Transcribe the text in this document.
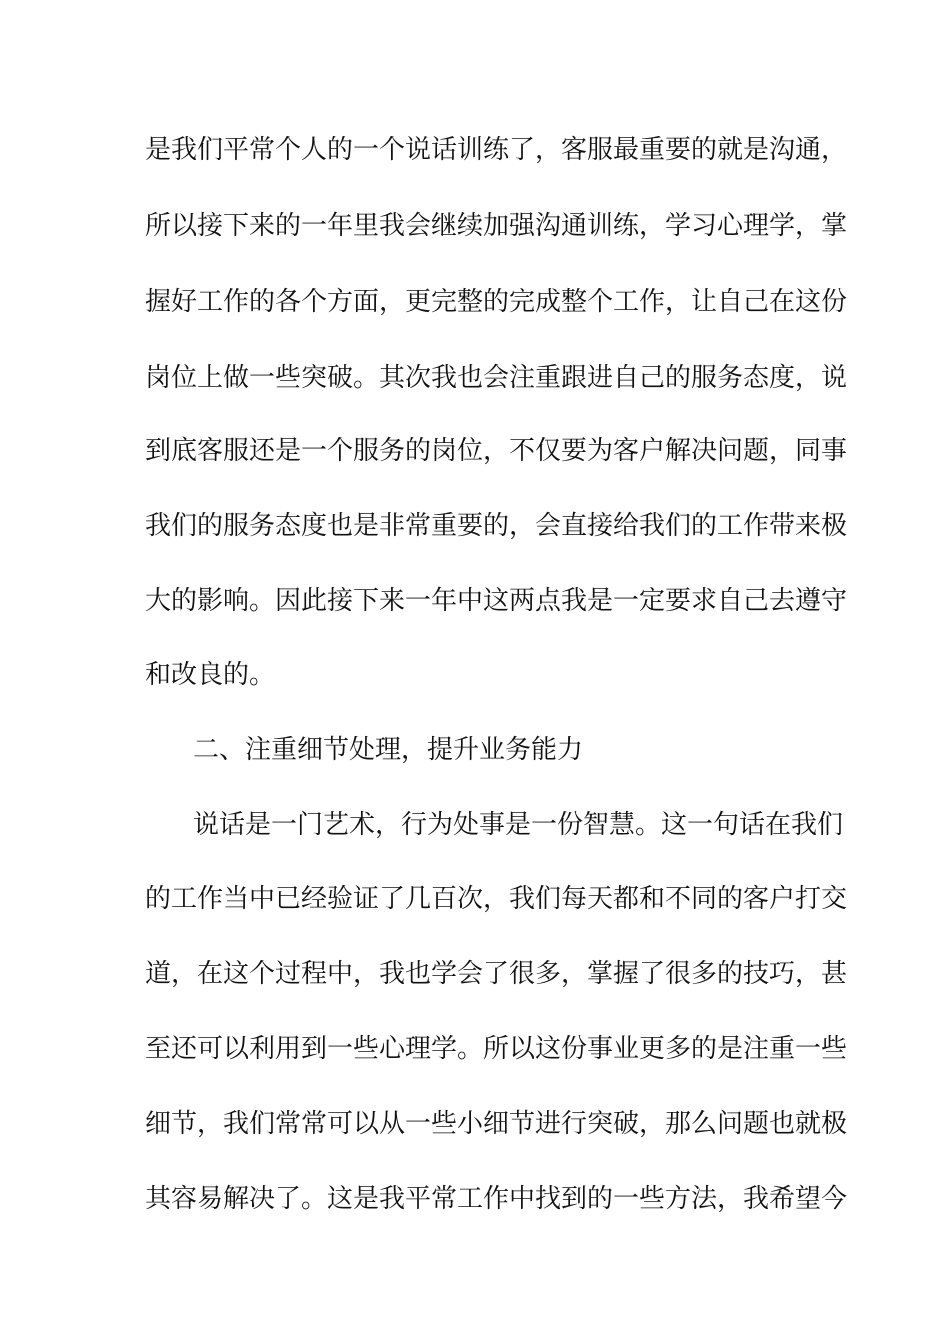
是我们平常个人的一个说话训练了，客服最重要的就是沟通，

所以接下来的一年里我会继续加强沟通训练，学习心理学，掌

握好工作的各个方面，更完整的完成整个工作，让自己在这份

岗位上做一些突破。其次我也会注重跟进自己的服务态度，说

到底客服还是一个服务的岗位，不仅要为客户解决问题，同事

我们的服务态度也是非常重要的，会直接给我们的工作带来极

大的影响。因此接下来一年中这两点我是一定要求自己去遵守

和改良的。

二、注重细节处理，提升业务能力

说话是一门艺术，行为处事是一份智慧。这一句话在我们

的工作当中已经验证了几百次，我们每天都和不同的客户打交

道，在这个过程中，我也学会了很多，掌握了很多的技巧，甚

至还可以利用到一些心理学。所以这份事业更多的是注重一些

细节，我们常常可以从一些小细节进行突破，那么问题也就极

其容易解决了。这是我平常工作中找到的一些方法，我希望今
